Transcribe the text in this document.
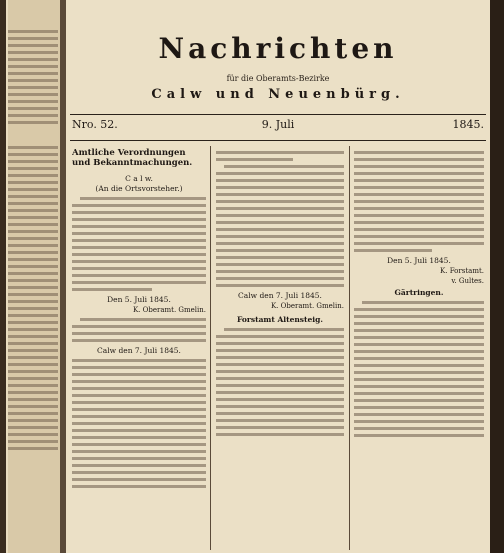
Nachrichten
für die Oberamts-Bezirke
Calw und Neuenbürg.
Nro. 52.	9. Juli	1845.
Amtliche Verordnungen und Bekanntmachungen.
C a l w.
(An die Ortsvorsteher.)
Den 5. Juli 1845.
K. Oberamt. Gmelin.
Calw den 7. Juli 1845.
Calw den 7. Juli 1845.
K. Oberamt. Gmelin.
Forstamt Altensteig.
Den 5. Juli 1845.
K. Forstamt.
v. Gultes.
Gärtringen.
